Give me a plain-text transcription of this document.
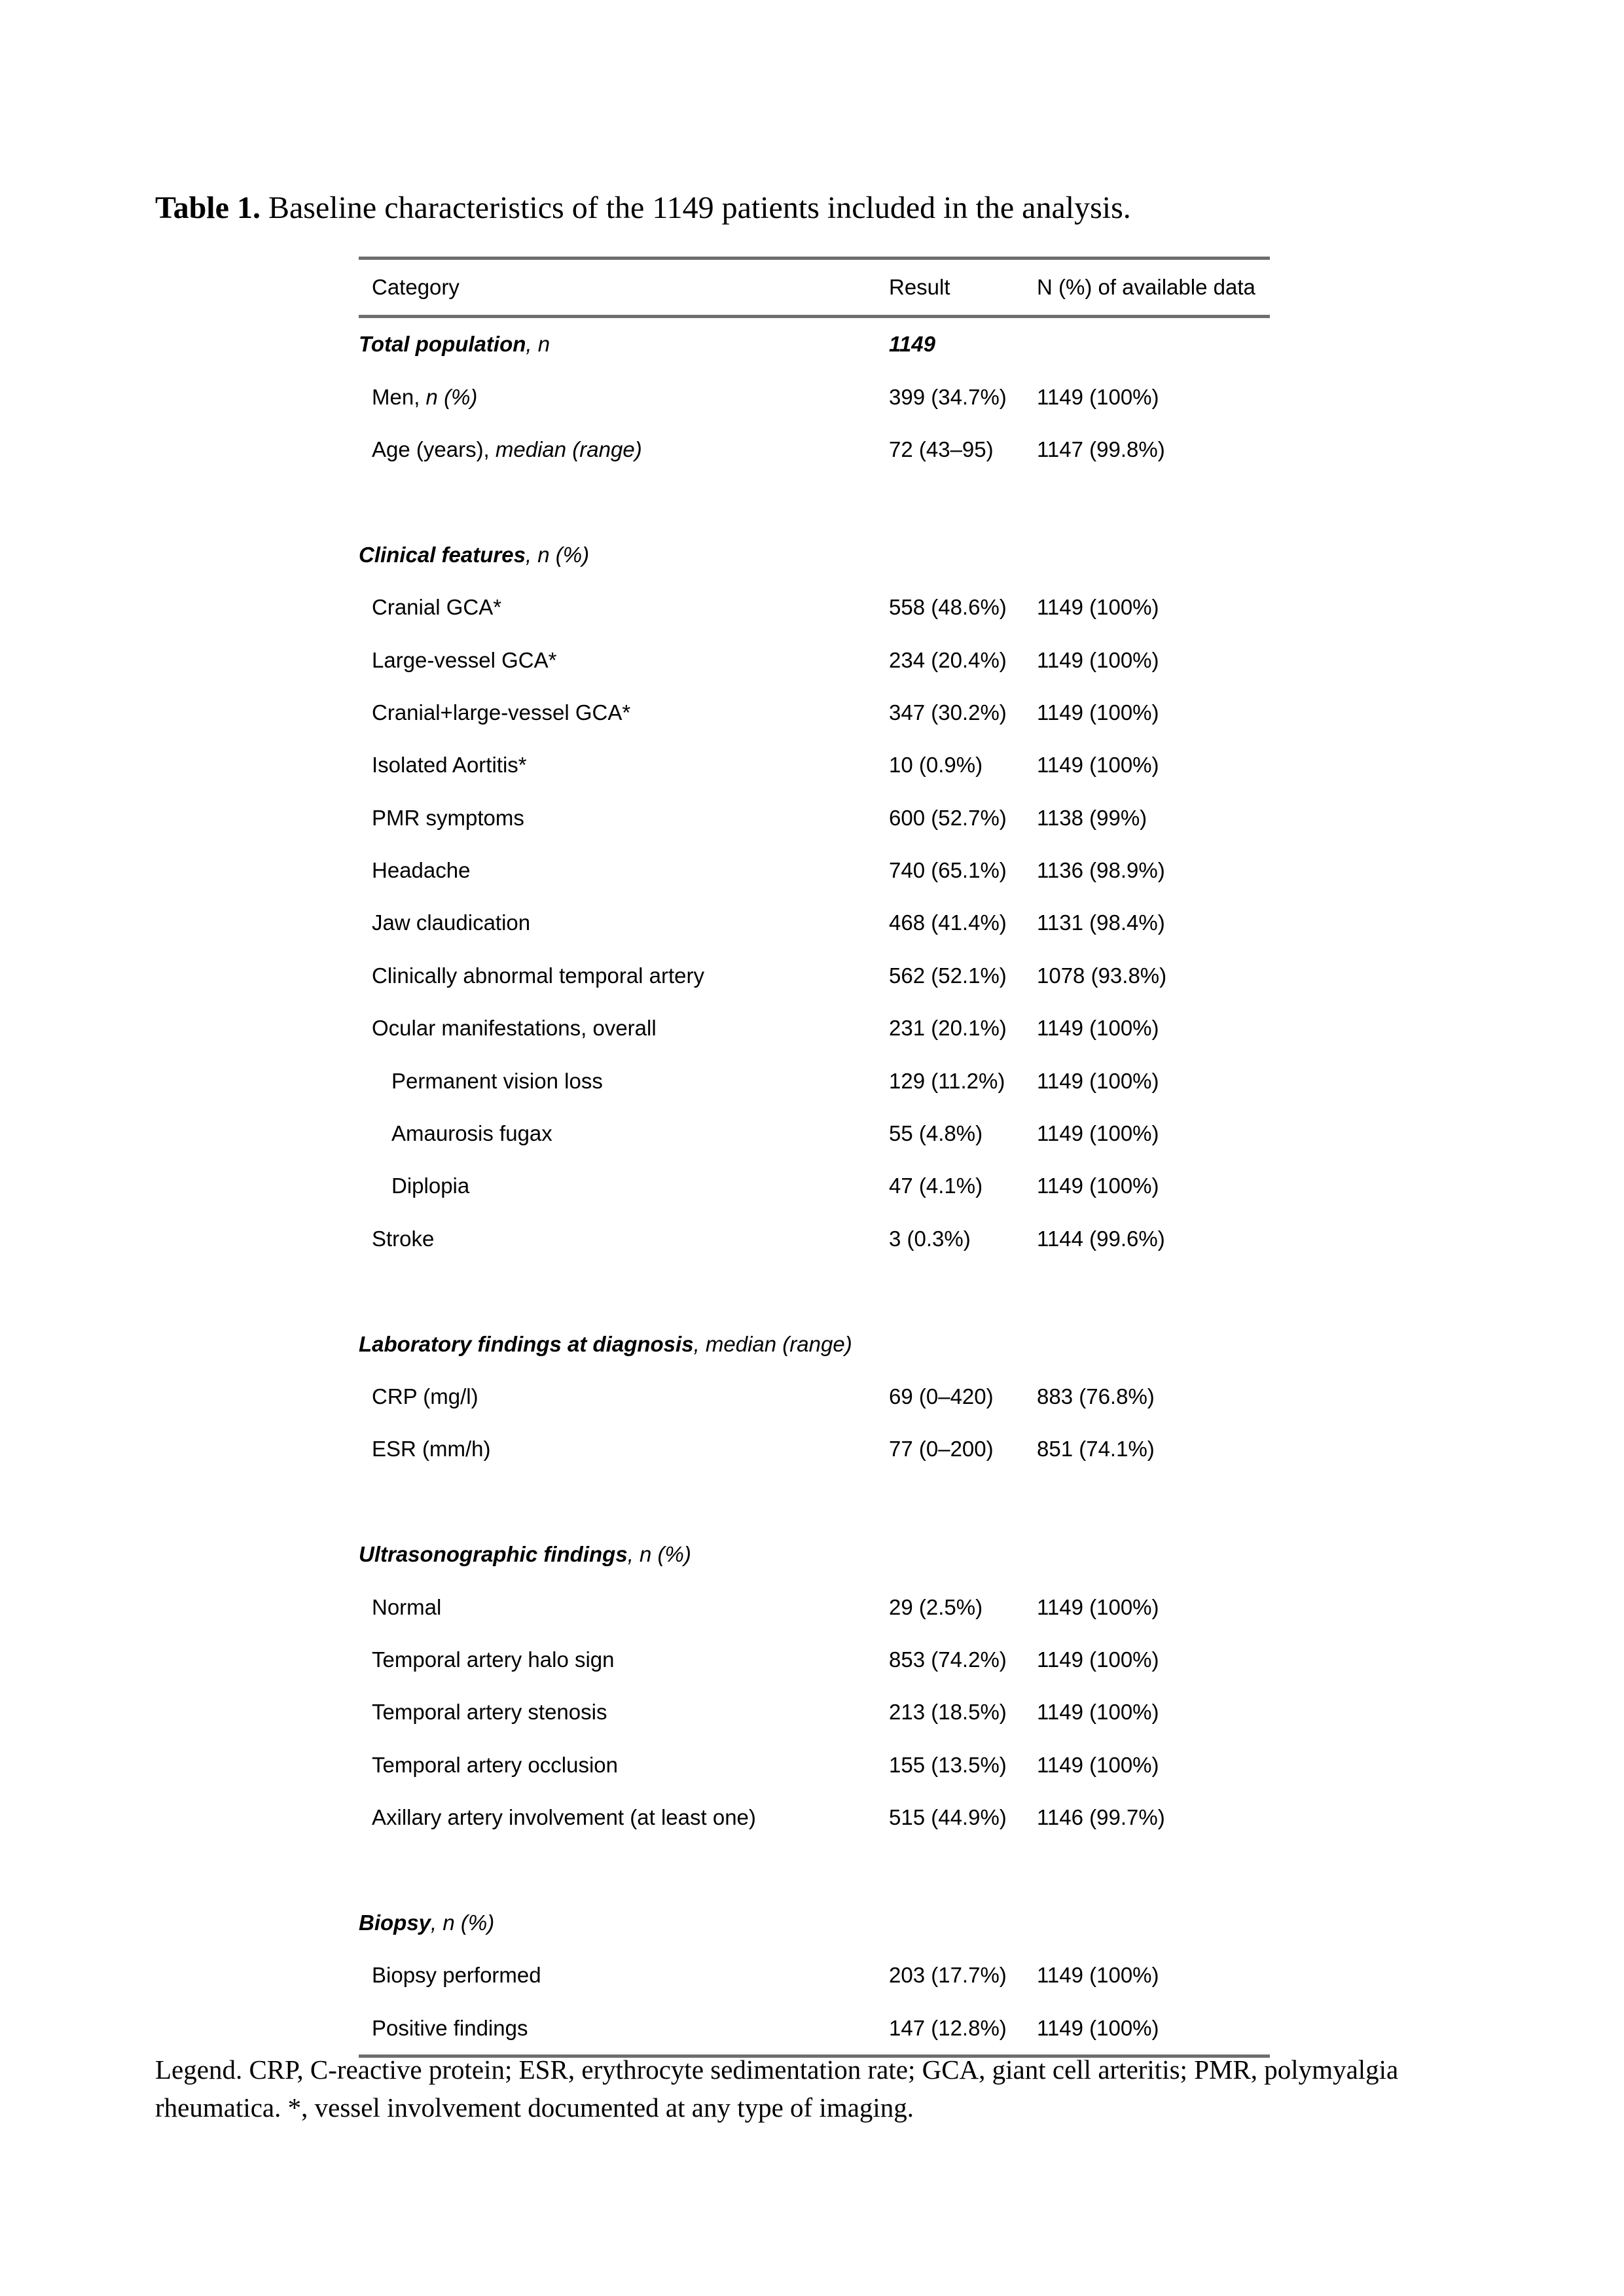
Table 1. Baseline characteristics of the 1149 patients included in the analysis.
Category	Result	N (%) of available data
Total population, n	1149
Men, n (%)	399 (34.7%) 1149 (100%)
Age (years), median (range)	72 (43–95) 1147 (99.8%)
Clinical features, n (%)
Cranial GCA*	558 (48.6%) 1149 (100%)
Large-vessel GCA*	234 (20.4%) 1149 (100%)
Cranial+large-vessel GCA*	347 (30.2%) 1149 (100%)
Isolated Aortitis*	10 (0.9%)	1149 (100%)
PMR symptoms	600 (52.7%) 1138 (99%)
Headache	740 (65.1%) 1136 (98.9%)
Jaw claudication	468 (41.4%) 1131 (98.4%)
Clinically abnormal temporal artery	562 (52.1%) 1078 (93.8%)
Ocular manifestations, overall	231 (20.1%) 1149 (100%)
Permanent vision loss	129 (11.2%) 1149 (100%)
Amaurosis fugax	55 (4.8%)	1149 (100%)
Diplopia	47 (4.1%)	1149 (100%)
Stroke	3 (0.3%)	1144 (99.6%)
Laboratory findings at diagnosis, median (range)
CRP (mg/l)	69 (0–420) 883 (76.8%)
ESR (mm/h)	77 (0–200) 851 (74.1%)
Ultrasonographic findings, n (%)
Normal	29 (2.5%)	1149 (100%)
Temporal artery halo sign	853 (74.2%) 1149 (100%)
Temporal artery stenosis	213 (18.5%) 1149 (100%)
Temporal artery occlusion	155 (13.5%) 1149 (100%)
Axillary artery involvement (at least one)	515 (44.9%) 1146 (99.7%)
Biopsy, n (%)
Biopsy performed	203 (17.7%) 1149 (100%)
Positive findings	147 (12.8%) 1149 (100%)
Legend. CRP, C-reactive protein; ESR, erythrocyte sedimentation rate; GCA, giant cell arteritis; PMR, polymyalgia rheumatica. *, vessel involvement documented at any type of imaging.
